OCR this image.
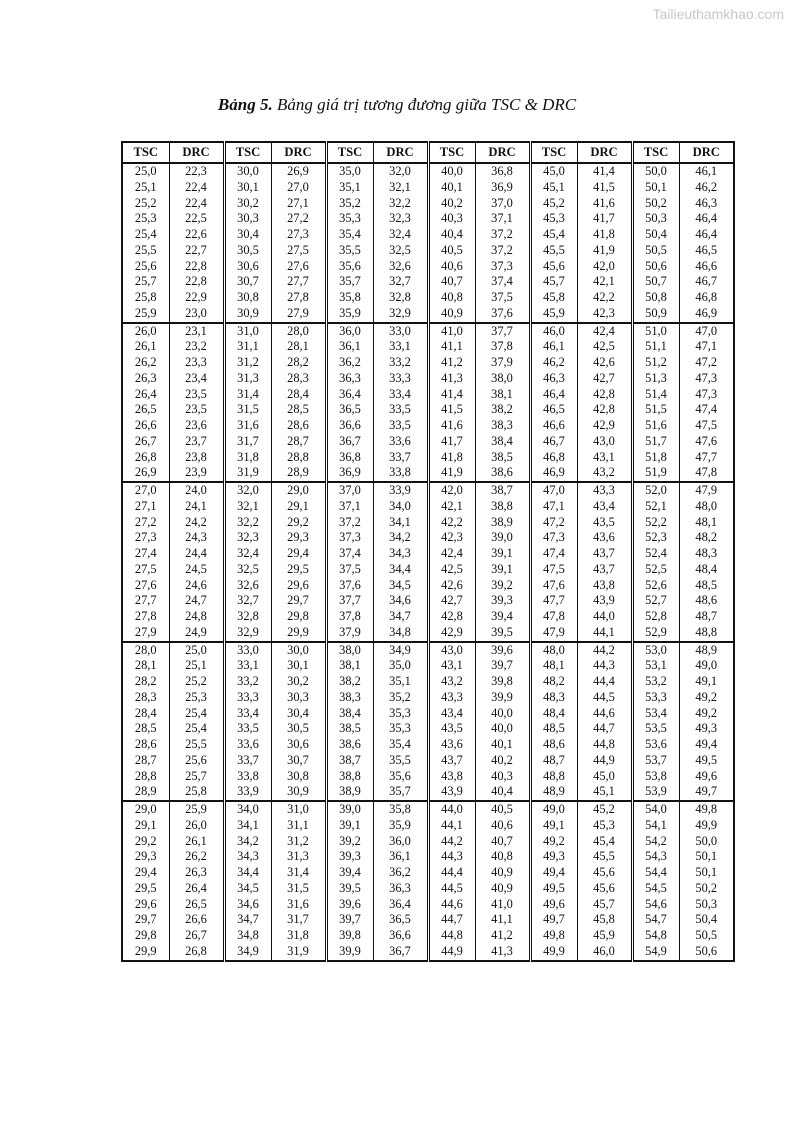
Tailieuthamkhao.com
Bảng 5. Bảng giá trị tương đương giữa TSC & DRC
TSC	DRC	TSC	DRC	TSC	DRC	TSC	DRC	TSC	DRC	TSC	DRC
25,0	22,3	30,0	26,9	35,0	32,0	40,0	36,8	45,0	41,4	50,0	46,1
25,1	22,4	30,1	27,0	35,1	32,1	40,1	36,9	45,1	41,5	50,1	46,2
25,2	22,4	30,2	27,1	35,2	32,2	40,2	37,0	45,2	41,6	50,2	46,3
25,3	22,5	30,3	27,2	35,3	32,3	40,3	37,1	45,3	41,7	50,3	46,4
25,4	22,6	30,4	27,3	35,4	32,4	40,4	37,2	45,4	41,8	50,4	46,4
25,5	22,7	30,5	27,5	35,5	32,5	40,5	37,2	45,5	41,9	50,5	46,5
25,6	22,8	30,6	27,6	35,6	32,6	40,6	37,3	45,6	42,0	50,6	46,6
25,7	22,8	30,7	27,7	35,7	32,7	40,7	37,4	45,7	42,1	50,7	46,7
25,8	22,9	30,8	27,8	35,8	32,8	40,8	37,5	45,8	42,2	50,8	46,8
25,9	23,0	30,9	27,9	35,9	32,9	40,9	37,6	45,9	42,3	50,9	46,9
26,0	23,1	31,0	28,0	36,0	33,0	41,0	37,7	46,0	42,4	51,0	47,0
26,1	23,2	31,1	28,1	36,1	33,1	41,1	37,8	46,1	42,5	51,1	47,1
26,2	23,3	31,2	28,2	36,2	33,2	41,2	37,9	46,2	42,6	51,2	47,2
26,3	23,4	31,3	28,3	36,3	33,3	41,3	38,0	46,3	42,7	51,3	47,3
26,4	23,5	31,4	28,4	36,4	33,4	41,4	38,1	46,4	42,8	51,4	47,3
26,5	23,5	31,5	28,5	36,5	33,5	41,5	38,2	46,5	42,8	51,5	47,4
26,6	23,6	31,6	28,6	36,6	33,5	41,6	38,3	46,6	42,9	51,6	47,5
26,7	23,7	31,7	28,7	36,7	33,6	41,7	38,4	46,7	43,0	51,7	47,6
26,8	23,8	31,8	28,8	36,8	33,7	41,8	38,5	46,8	43,1	51,8	47,7
26,9	23,9	31,9	28,9	36,9	33,8	41,9	38,6	46,9	43,2	51,9	47,8
27,0	24,0	32,0	29,0	37,0	33,9	42,0	38,7	47,0	43,3	52,0	47,9
27,1	24,1	32,1	29,1	37,1	34,0	42,1	38,8	47,1	43,4	52,1	48,0
27,2	24,2	32,2	29,2	37,2	34,1	42,2	38,9	47,2	43,5	52,2	48,1
27,3	24,3	32,3	29,3	37,3	34,2	42,3	39,0	47,3	43,6	52,3	48,2
27,4	24,4	32,4	29,4	37,4	34,3	42,4	39,1	47,4	43,7	52,4	48,3
27,5	24,5	32,5	29,5	37,5	34,4	42,5	39,1	47,5	43,7	52,5	48,4
27,6	24,6	32,6	29,6	37,6	34,5	42,6	39,2	47,6	43,8	52,6	48,5
27,7	24,7	32,7	29,7	37,7	34,6	42,7	39,3	47,7	43,9	52,7	48,6
27,8	24,8	32,8	29,8	37,8	34,7	42,8	39,4	47,8	44,0	52,8	48,7
27,9	24,9	32,9	29,9	37,9	34,8	42,9	39,5	47,9	44,1	52,9	48,8
28,0	25,0	33,0	30,0	38,0	34,9	43,0	39,6	48,0	44,2	53,0	48,9
28,1	25,1	33,1	30,1	38,1	35,0	43,1	39,7	48,1	44,3	53,1	49,0
28,2	25,2	33,2	30,2	38,2	35,1	43,2	39,8	48,2	44,4	53,2	49,1
28,3	25,3	33,3	30,3	38,3	35,2	43,3	39,9	48,3	44,5	53,3	49,2
28,4	25,4	33,4	30,4	38,4	35,3	43,4	40,0	48,4	44,6	53,4	49,2
28,5	25,4	33,5	30,5	38,5	35,3	43,5	40,0	48,5	44,7	53,5	49,3
28,6	25,5	33,6	30,6	38,6	35,4	43,6	40,1	48,6	44,8	53,6	49,4
28,7	25,6	33,7	30,7	38,7	35,5	43,7	40,2	48,7	44,9	53,7	49,5
28,8	25,7	33,8	30,8	38,8	35,6	43,8	40,3	48,8	45,0	53,8	49,6
28,9	25,8	33,9	30,9	38,9	35,7	43,9	40,4	48,9	45,1	53,9	49,7
29,0	25,9	34,0	31,0	39,0	35,8	44,0	40,5	49,0	45,2	54,0	49,8
29,1	26,0	34,1	31,1	39,1	35,9	44,1	40,6	49,1	45,3	54,1	49,9
29,2	26,1	34,2	31,2	39,2	36,0	44,2	40,7	49,2	45,4	54,2	50,0
29,3	26,2	34,3	31,3	39,3	36,1	44,3	40,8	49,3	45,5	54,3	50,1
29,4	26,3	34,4	31,4	39,4	36,2	44,4	40,9	49,4	45,6	54,4	50,1
29,5	26,4	34,5	31,5	39,5	36,3	44,5	40,9	49,5	45,6	54,5	50,2
29,6	26,5	34,6	31,6	39,6	36,4	44,6	41,0	49,6	45,7	54,6	50,3
29,7	26,6	34,7	31,7	39,7	36,5	44,7	41,1	49,7	45,8	54,7	50,4
29,8	26,7	34,8	31,8	39,8	36,6	44,8	41,2	49,8	45,9	54,8	50,5
29,9	26,8	34,9	31,9	39,9	36,7	44,9	41,3	49,9	46,0	54,9	50,6
